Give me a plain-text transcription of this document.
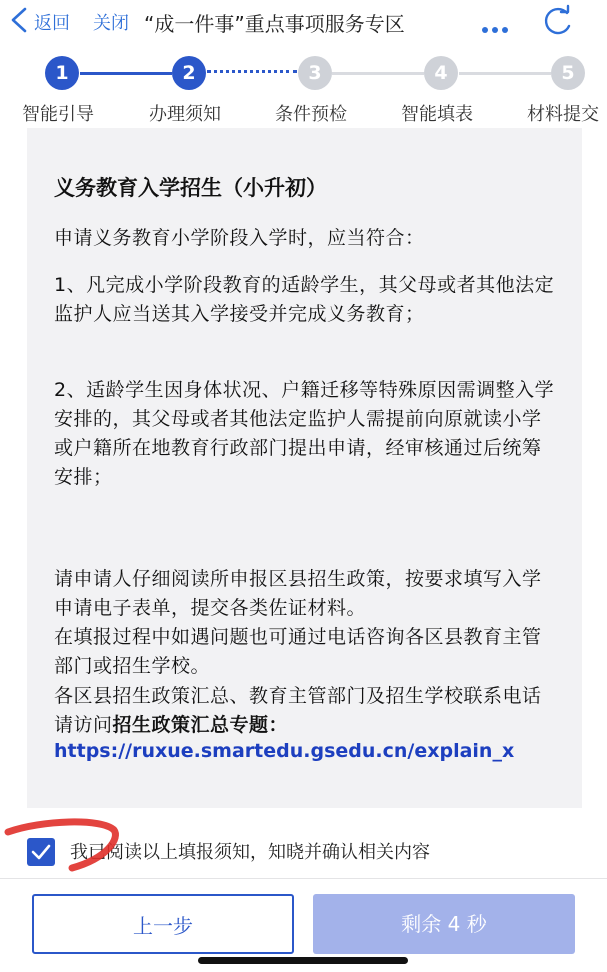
返回 关闭 “成一件事”重点事项服务专区
1	2	3	4	5
智能引导	办理须知	条件预检	智能填表	材料提交
义务教育入学招生（小升初）
申请义务教育小学阶段入学时，应当符合：
1、凡完成小学阶段教育的适龄学生，其父母或者其他法定监护人应当送其入学接受并完成义务教育；
2、适龄学生因身体状况、户籍迁移等特殊原因需调整入学安排的，其父母或者其他法定监护人需提前向原就读小学或户籍所在地教育行政部门提出申请，经审核通过后统筹安排；
请申请人仔细阅读所申报区县招生政策，按要求填写入学申请电子表单，提交各类佐证材料。
在填报过程中如遇问题也可通过电话咨询各区县教育主管部门或招生学校。
各区县招生政策汇总、教育主管部门及招生学校联系电话请访问招生政策汇总专题：
https://ruxue.smartedu.gsedu.cn/explain_x
我已阅读以上填报须知，知晓并确认相关内容
上一步	剩余 4 秒
